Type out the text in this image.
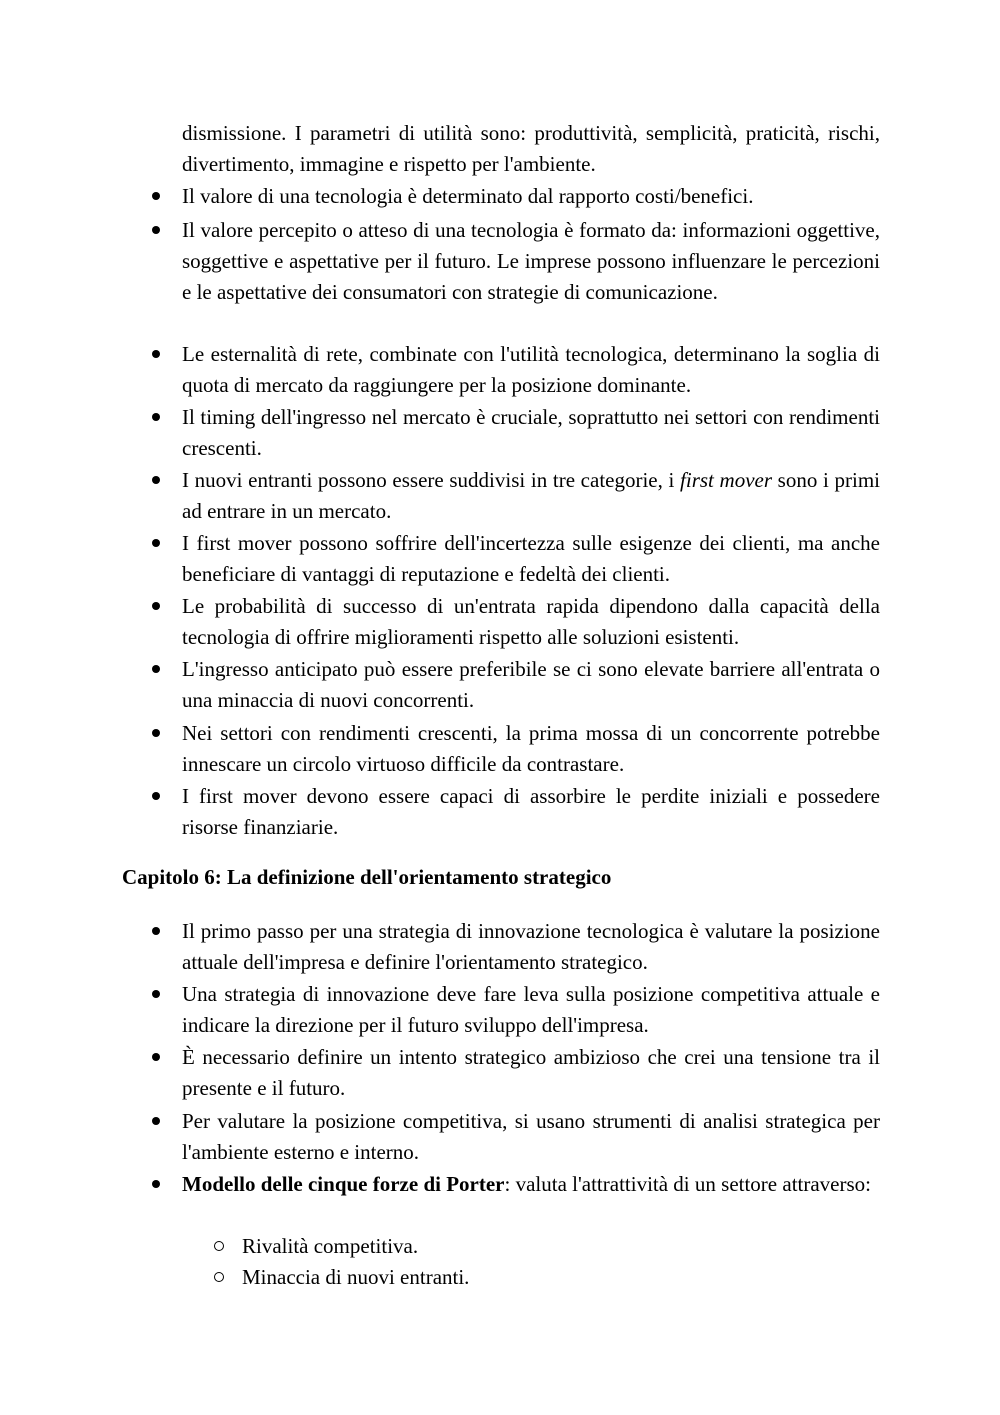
dismissione. I parametri di utilità sono: produttività, semplicità, praticità, rischi, divertimento, immagine e rispetto per l'ambiente.
Il valore di una tecnologia è determinato dal rapporto costi/benefici.
Il valore percepito o atteso di una tecnologia è formato da: informazioni oggettive, soggettive e aspettative per il futuro. Le imprese possono influenzare le percezioni e le aspettative dei consumatori con strategie di comunicazione.
Le esternalità di rete, combinate con l'utilità tecnologica, determinano la soglia di quota di mercato da raggiungere per la posizione dominante.
Il timing dell'ingresso nel mercato è cruciale, soprattutto nei settori con rendimenti crescenti.
I nuovi entranti possono essere suddivisi in tre categorie, i first mover sono i primi ad entrare in un mercato.
I first mover possono soffrire dell'incertezza sulle esigenze dei clienti, ma anche beneficiare di vantaggi di reputazione e fedeltà dei clienti.
Le probabilità di successo di un'entrata rapida dipendono dalla capacità della tecnologia di offrire miglioramenti rispetto alle soluzioni esistenti.
L'ingresso anticipato può essere preferibile se ci sono elevate barriere all'entrata o una minaccia di nuovi concorrenti.
Nei settori con rendimenti crescenti, la prima mossa di un concorrente potrebbe innescare un circolo virtuoso difficile da contrastare.
I first mover devono essere capaci di assorbire le perdite iniziali e possedere risorse finanziarie.
Capitolo 6: La definizione dell'orientamento strategico
Il primo passo per una strategia di innovazione tecnologica è valutare la posizione attuale dell'impresa e definire l'orientamento strategico.
Una strategia di innovazione deve fare leva sulla posizione competitiva attuale e indicare la direzione per il futuro sviluppo dell'impresa.
È necessario definire un intento strategico ambizioso che crei una tensione tra il presente e il futuro.
Per valutare la posizione competitiva, si usano strumenti di analisi strategica per l'ambiente esterno e interno.
Modello delle cinque forze di Porter: valuta l'attrattività di un settore attraverso:
Rivalità competitiva.
Minaccia di nuovi entranti.
